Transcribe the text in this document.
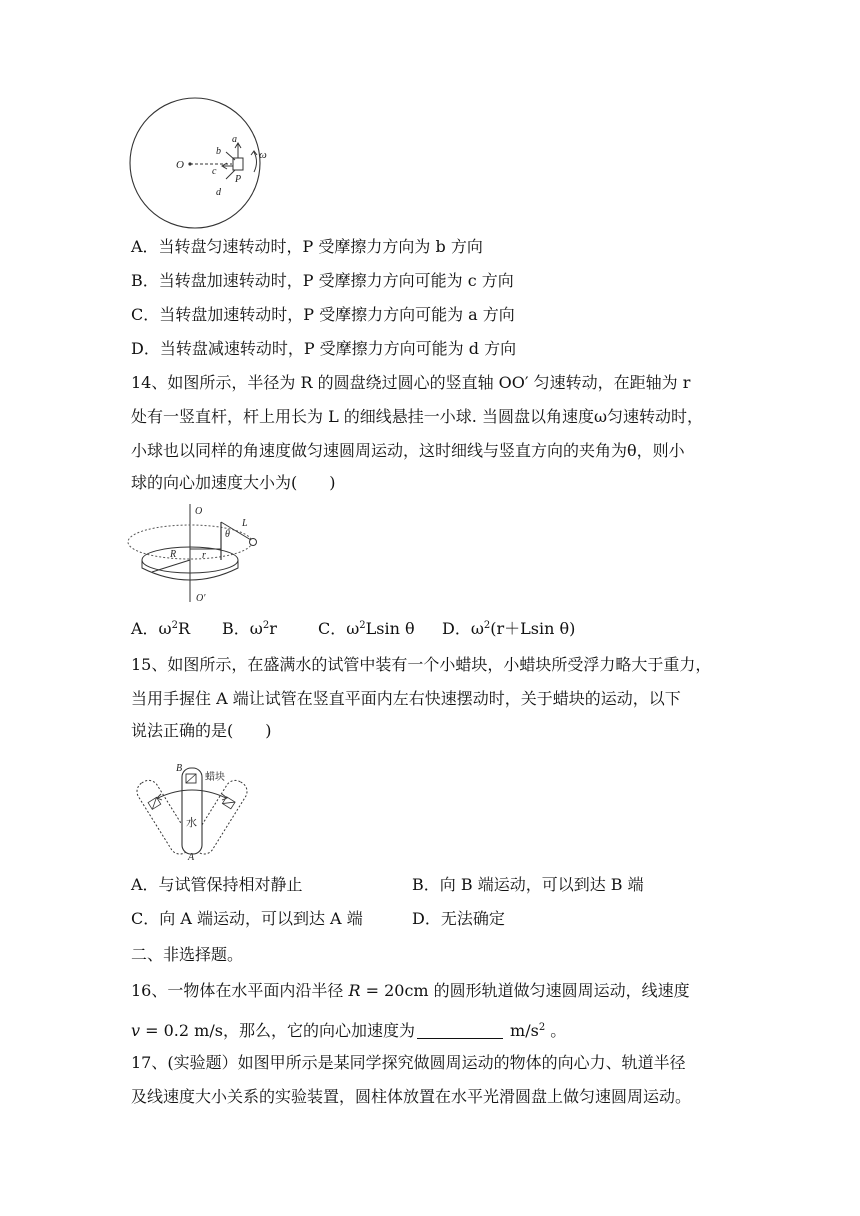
O
a
b
c
d
P
ω
A．当转盘匀速转动时，P 受摩擦力方向为 b 方向
B．当转盘加速转动时，P 受摩擦力方向可能为 c 方向
C．当转盘加速转动时，P 受摩擦力方向可能为 a 方向
D．当转盘减速转动时，P 受摩擦力方向可能为 d 方向
14、如图所示，半径为 R 的圆盘绕过圆心的竖直轴 OO′ 匀速转动，在距轴为 r
处有一竖直杆，杆上用长为 L 的细线悬挂一小球. 当圆盘以角速度ω匀速转动时，
小球也以同样的角速度做匀速圆周运动，这时细线与竖直方向的夹角为θ，则小
球的向心加速度大小为(　　)
O
O′
L
θ
R	r
A．$\omega^2R$ B．$\omega^2r$	C．$\omega^2Lsin$ θ D．$\omega^2(r+Lsin$ θ)
15、如图所示，在盛满水的试管中装有一个小蜡块，小蜡块所受浮力略大于重力，
当用手握住 A 端让试管在竖直平面内左右快速摆动时，关于蜡块的运动，以下
说法正确的是(　　)
B
蜡块
水
A
A．与试管保持相对静止	B．向 B 端运动，可以到达 B 端
C．向 A 端运动，可以到达 A 端	D．无法确定
二、非选择题。
16、一物体在水平面内沿半径 R = 20cm 的圆形轨道做匀速圆周运动，线速度
v = 0.2 m/s，那么，它的向心加速度为	$m/s^2$ 。
17、(实验题）如图甲所示是某同学探究做圆周运动的物体的向心力、轨道半径
及线速度大小关系的实验装置，圆柱体放置在水平光滑圆盘上做匀速圆周运动。
